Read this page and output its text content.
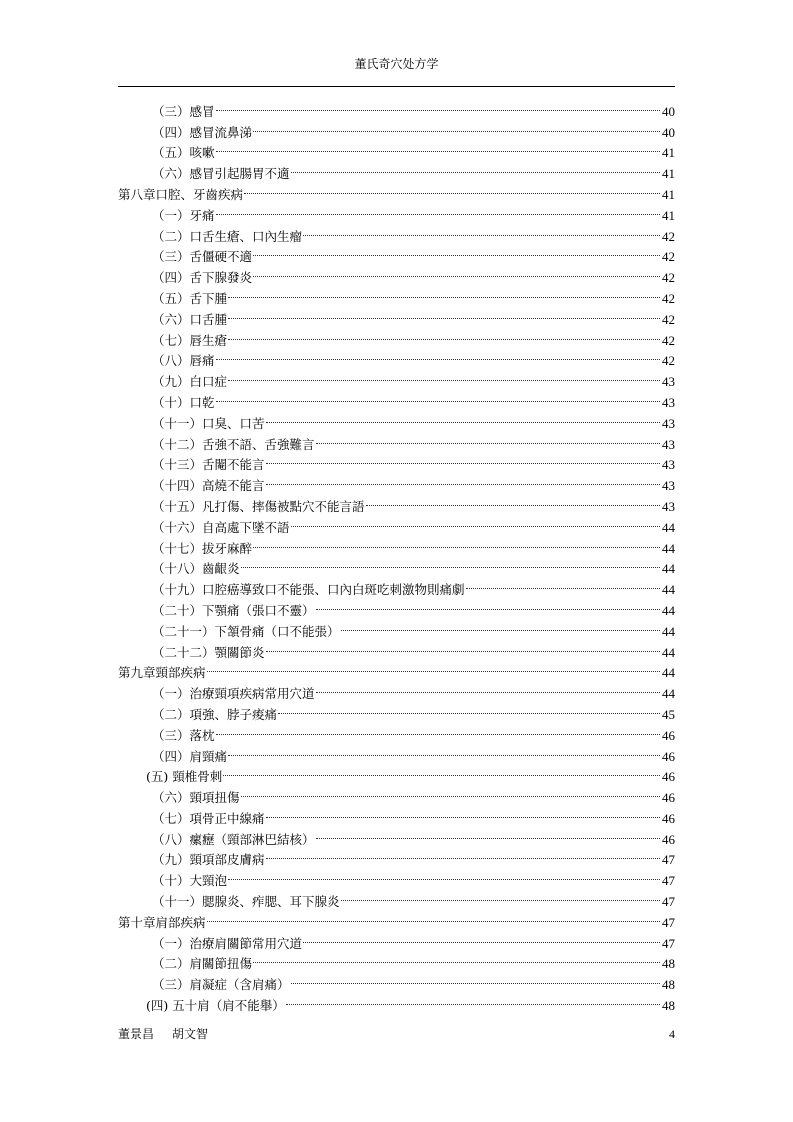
董氏奇穴处方学
（三）感冒	40
（四）感冒流鼻涕	40
（五）咳嗽	41
（六）感冒引起腸胃不適	41
第八章口腔、牙齒疾病	41
（一）牙痛	41
（二）口舌生瘡、口內生瘤	42
（三）舌僵硬不適	42
（四）舌下腺發炎	42
（五）舌下腫	42
（六）口舌腫	42
（七）唇生瘡	42
（八）唇痛	42
（九）白口症	43
（十）口乾	43
（十一）口臭、口苦	43
（十二）舌強不語、舌強難言	43
（十三）舌閹不能言	43
（十四）高燒不能言	43
（十五）凡打傷、摔傷被點穴不能言語	43
（十六）自高處下墜不語	44
（十七）拔牙麻醉	44
（十八）齒齦炎	44
（十九）口腔癌導致口不能張、口內白斑吃刺激物則痛劇	44
（二十）下顎痛（張口不靈）	44
（二十一）下頷骨痛（口不能張）	44
（二十二）顎關節炎	44
第九章頸部疾病	44
（一）治療頸項疾病常用穴道	44
（二）項強、脖子痠痛	45
（三）落枕	46
（四）肩頸痛	46
(五) 頸椎骨刺	46
（六）頸項扭傷	46
（七）項骨正中線痛	46
（八）瘰癧（頸部淋巴結核）	46
（九）頸項部皮膚病	47
（十）大頸泡	47
（十一）腮腺炎、痄腮、耳下腺炎	47
第十章肩部疾病	47
（一）治療肩關節常用穴道	47
（二）肩關節扭傷	48
（三）肩凝症（含肩痛）	48
(四) 五十肩（肩不能舉）	48
董景昌 胡文智	4
